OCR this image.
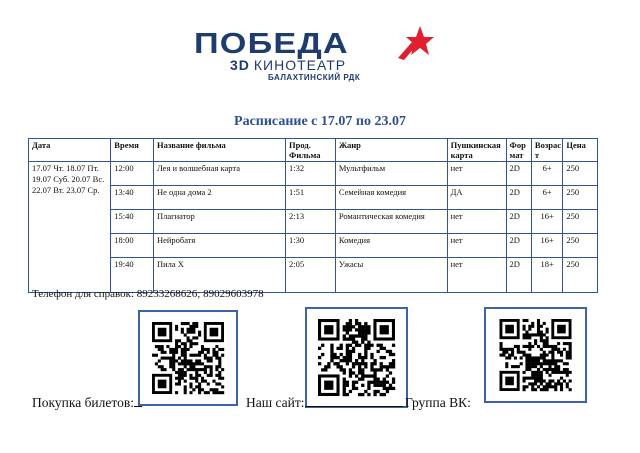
ПОБЕДА
3D КИНОТЕАТР
БАЛАХТИНСКИЙ РДК
Расписание с 17.07 по 23.07
Дата	Время	Название фильма	Прод. Фильма	Жанр	Пушкинская карта	Фор мат	Возрас т	Цена
17.07 Чт. 18.07 Пт. 19.07 Суб. 20.07 Вс. 22.07 Вт. 23.07 Ср.	12:00	Лея и волшебная карта	1:32	Мультфильм	нет	2D	6+	250
	13:40	Не одна дома 2	1:51	Семейная комедия	ДА	2D	6+	250
	15:40	Плагиатор	2:13	Романтическая комедия	нет	2D	16+	250
	18:00	Нейробатя	1:30	Комедия	нет	2D	16+	250
	19:40	Пила X	2:05	Ужасы	нет	2D	18+	250
Телефон для справок: 89233268626; 89029603978
Покупка билетов:	Наш сайт:	Группа ВК:
